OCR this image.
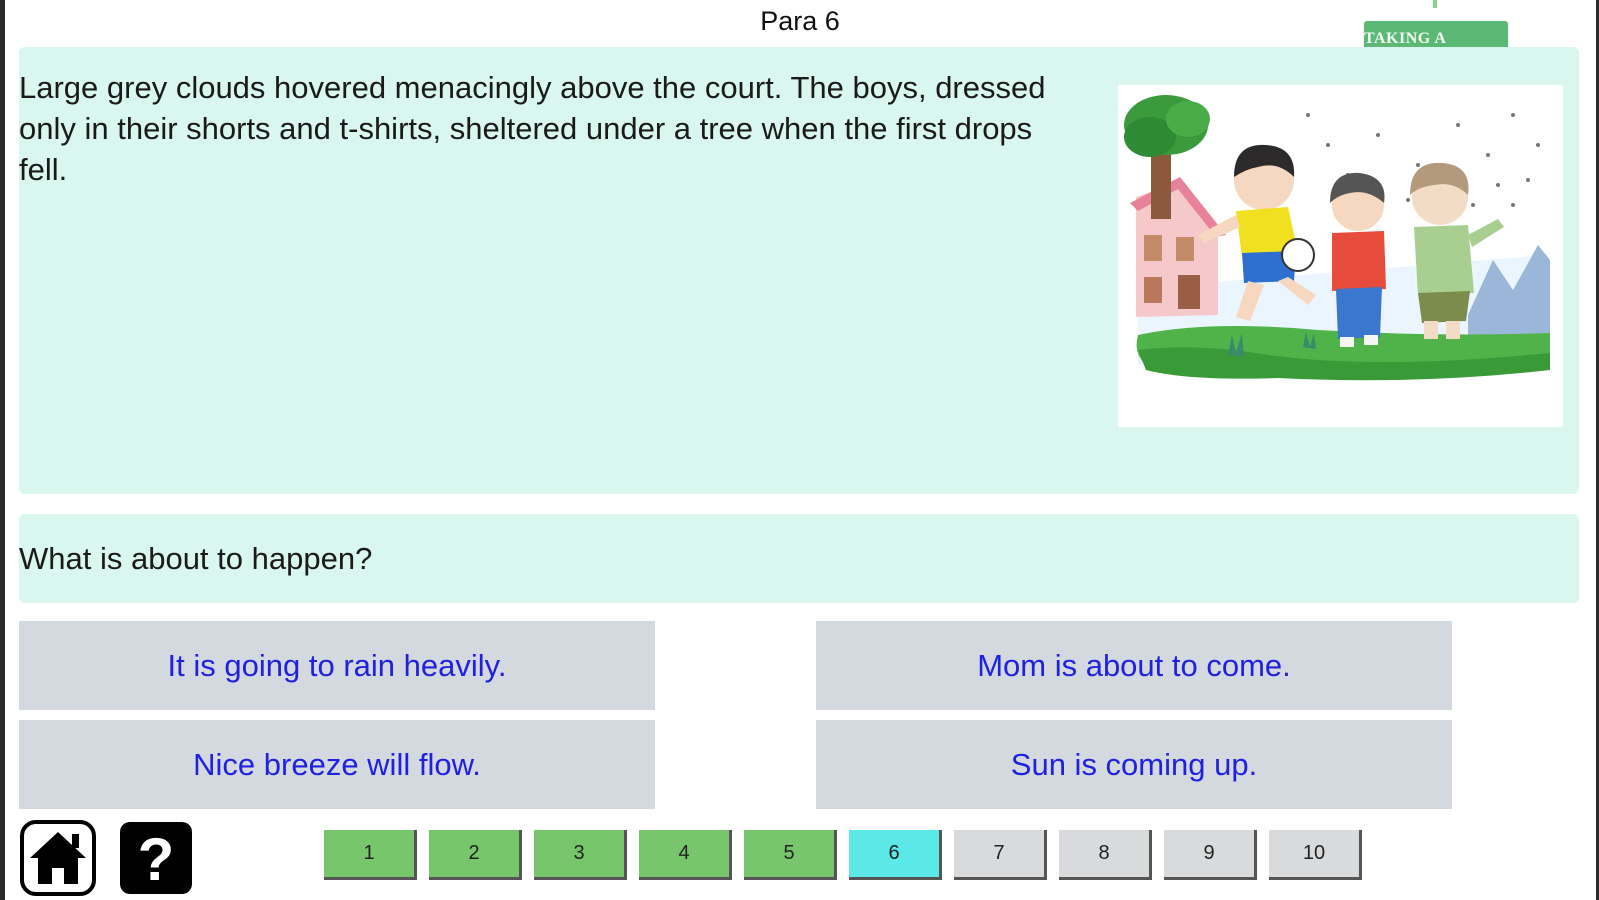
Para 6
TAKING A
Large grey clouds hovered menacingly above the court. The boys, dressed only in their shorts and t-shirts, sheltered under a tree when the first drops fell.
What is about to happen?
It is going to rain heavily.	Mom is about to come.
Nice breeze will flow.	Sun is coming up.
?	1	2	3	4	5	6	7	8	9	10
